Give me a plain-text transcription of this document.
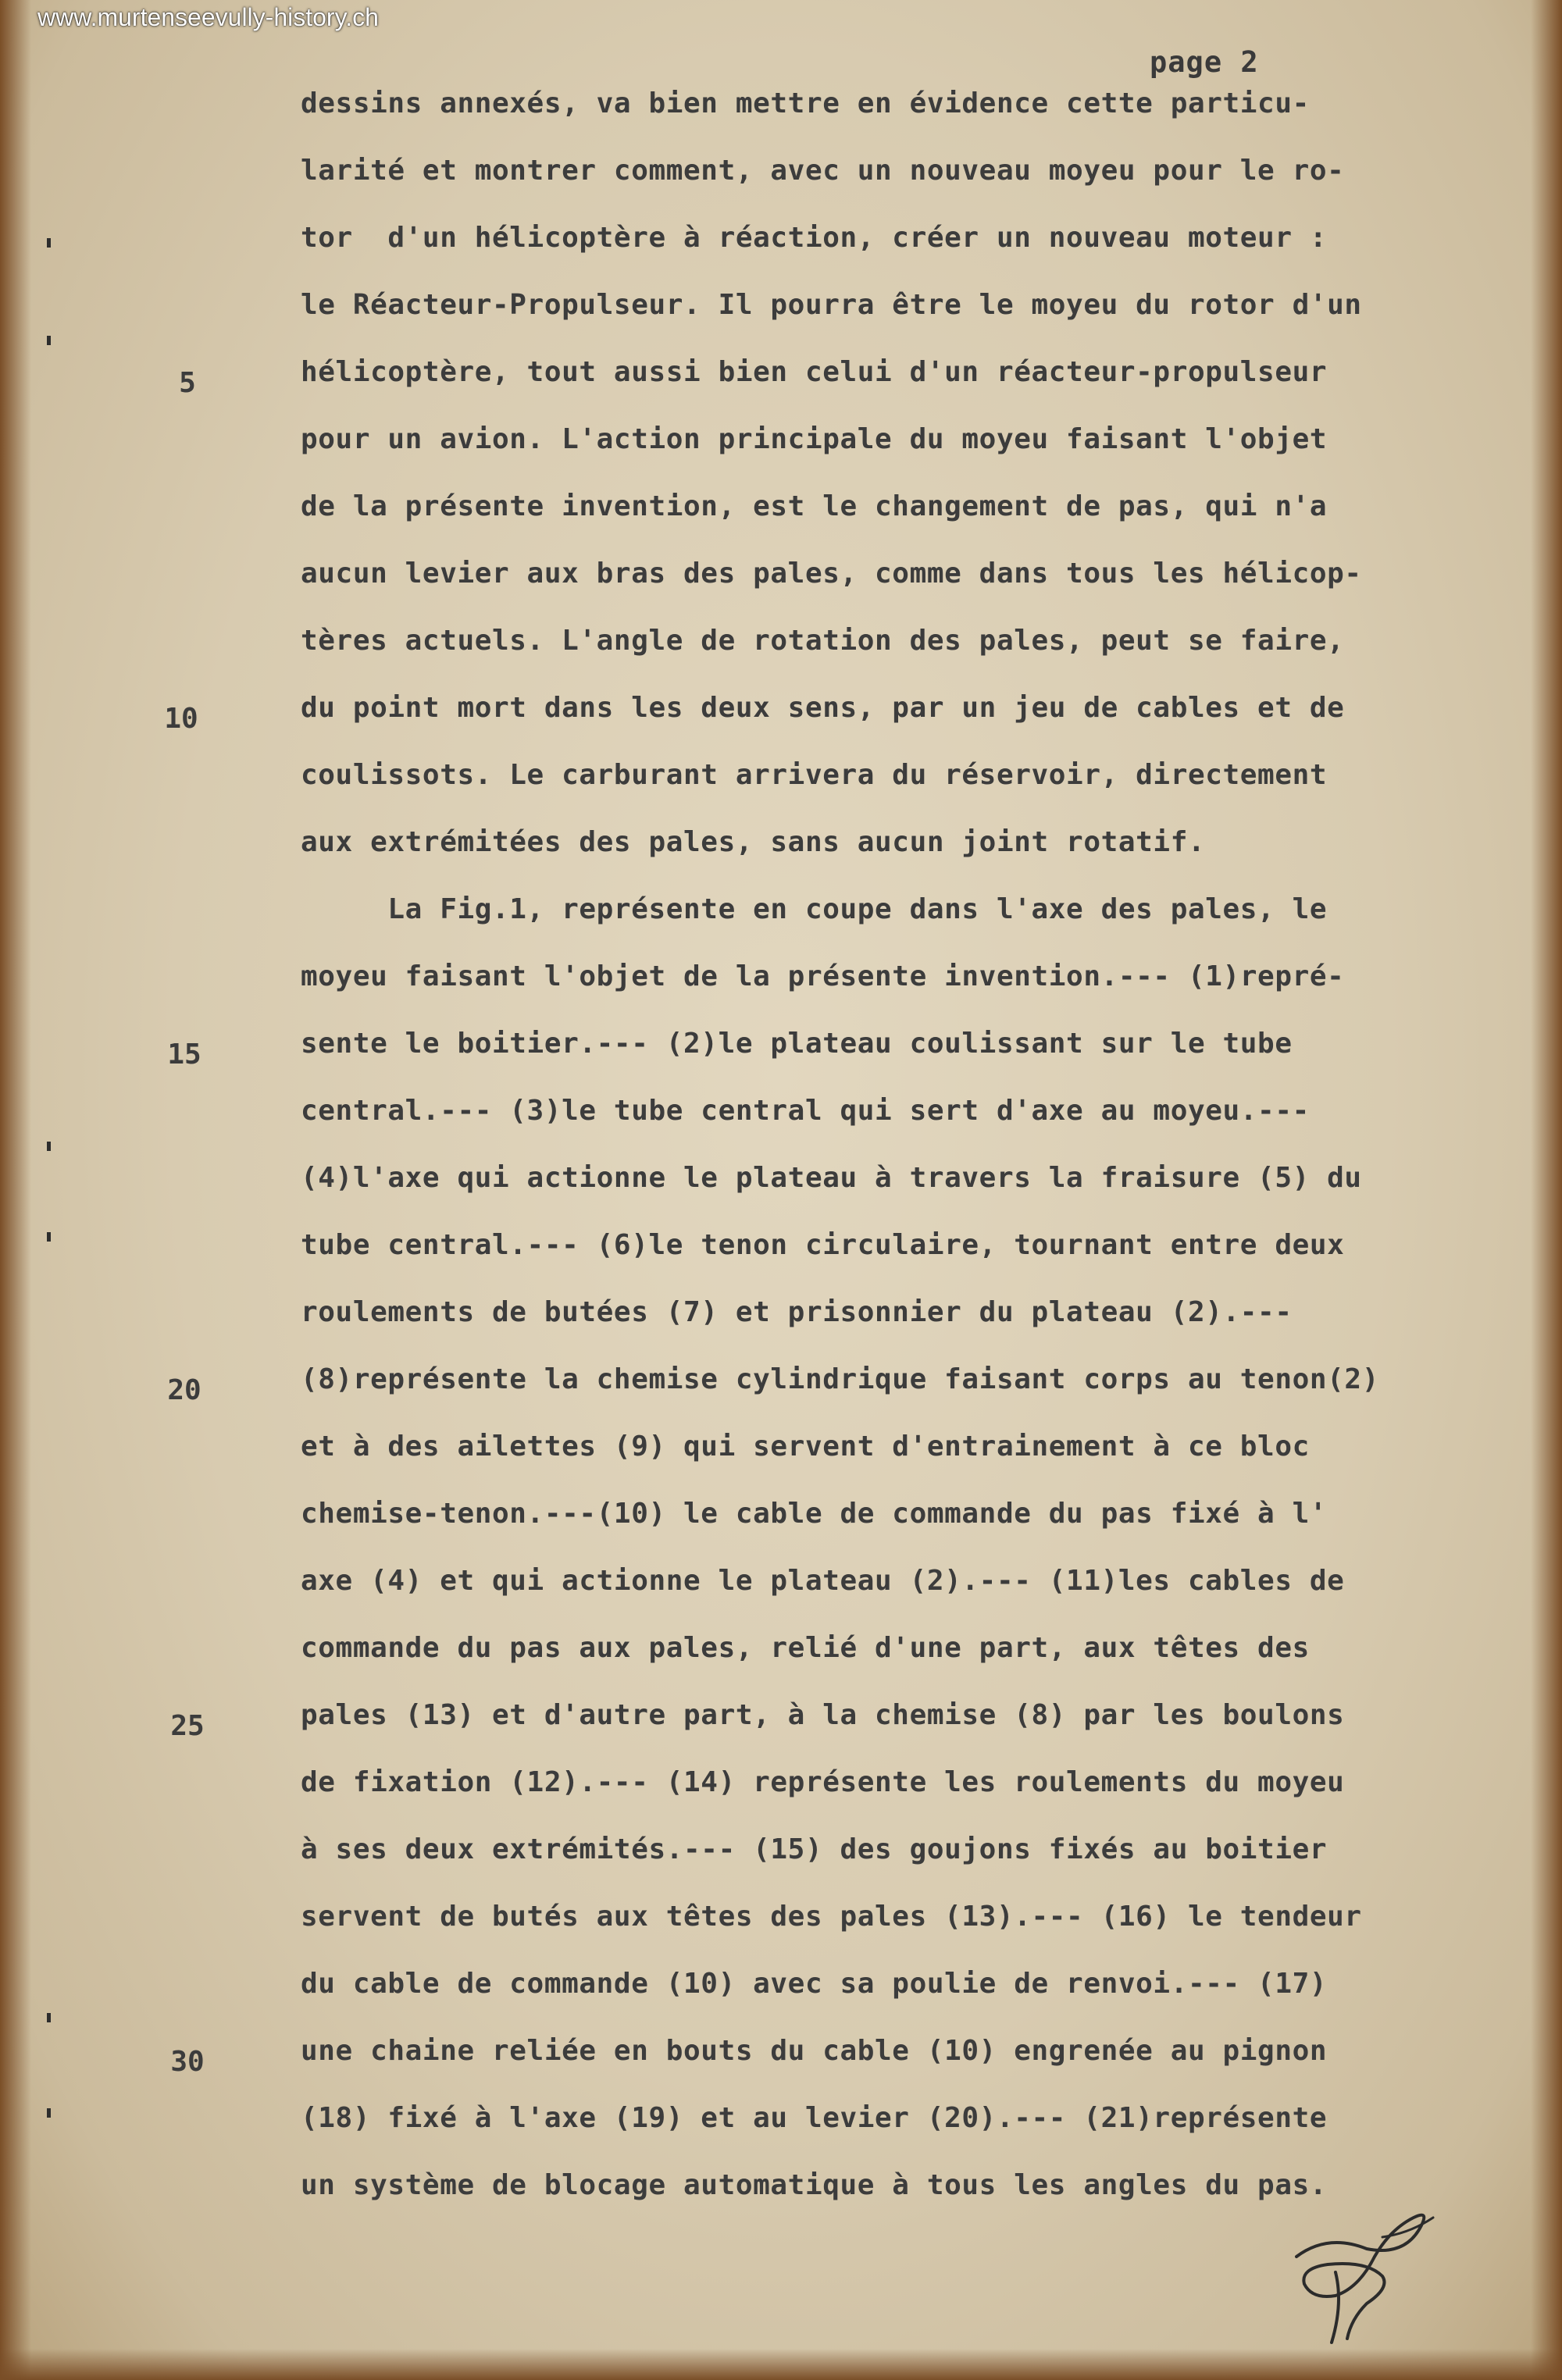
www.murtenseevully-history.ch
page 2
dessins annexés, va bien mettre en évidence cette particu-
larité et montrer comment, avec un nouveau moyeu pour le ro-
tor  d'un hélicoptère à réaction, créer un nouveau moteur :
le Réacteur-Propulseur. Il pourra être le moyeu du rotor d'un
hélicoptère, tout aussi bien celui d'un réacteur-propulseur
pour un avion. L'action principale du moyeu faisant l'objet
de la présente invention, est le changement de pas, qui n'a
aucun levier aux bras des pales, comme dans tous les hélicop-
tères actuels. L'angle de rotation des pales, peut se faire,
du point mort dans les deux sens, par un jeu de cables et de
coulissots. Le carburant arrivera du réservoir, directement
aux extrémitées des pales, sans aucun joint rotatif.
La Fig.1, représente en coupe dans l'axe des pales, le
moyeu faisant l'objet de la présente invention.--- (1)repré-
sente le boitier.--- (2)le plateau coulissant sur le tube
central.--- (3)le tube central qui sert d'axe au moyeu.---
(4)l'axe qui actionne le plateau à travers la fraisure (5) du
tube central.--- (6)le tenon circulaire, tournant entre deux
roulements de butées (7) et prisonnier du plateau (2).---
(8)représente la chemise cylindrique faisant corps au tenon(2)
et à des ailettes (9) qui servent d'entrainement à ce bloc
chemise-tenon.---(10) le cable de commande du pas fixé à l'
axe (4) et qui actionne le plateau (2).--- (11)les cables de
commande du pas aux pales, relié d'une part, aux têtes des
pales (13) et d'autre part, à la chemise (8) par les boulons
de fixation (12).--- (14) représente les roulements du moyeu
à ses deux extrémités.--- (15) des goujons fixés au boitier
servent de butés aux têtes des pales (13).--- (16) le tendeur
du cable de commande (10) avec sa poulie de renvoi.--- (17)
une chaine reliée en bouts du cable (10) engrenée au pignon
(18) fixé à l'axe (19) et au levier (20).--- (21)représente
un système de blocage automatique à tous les angles du pas.
5
10
15
20
25
30
